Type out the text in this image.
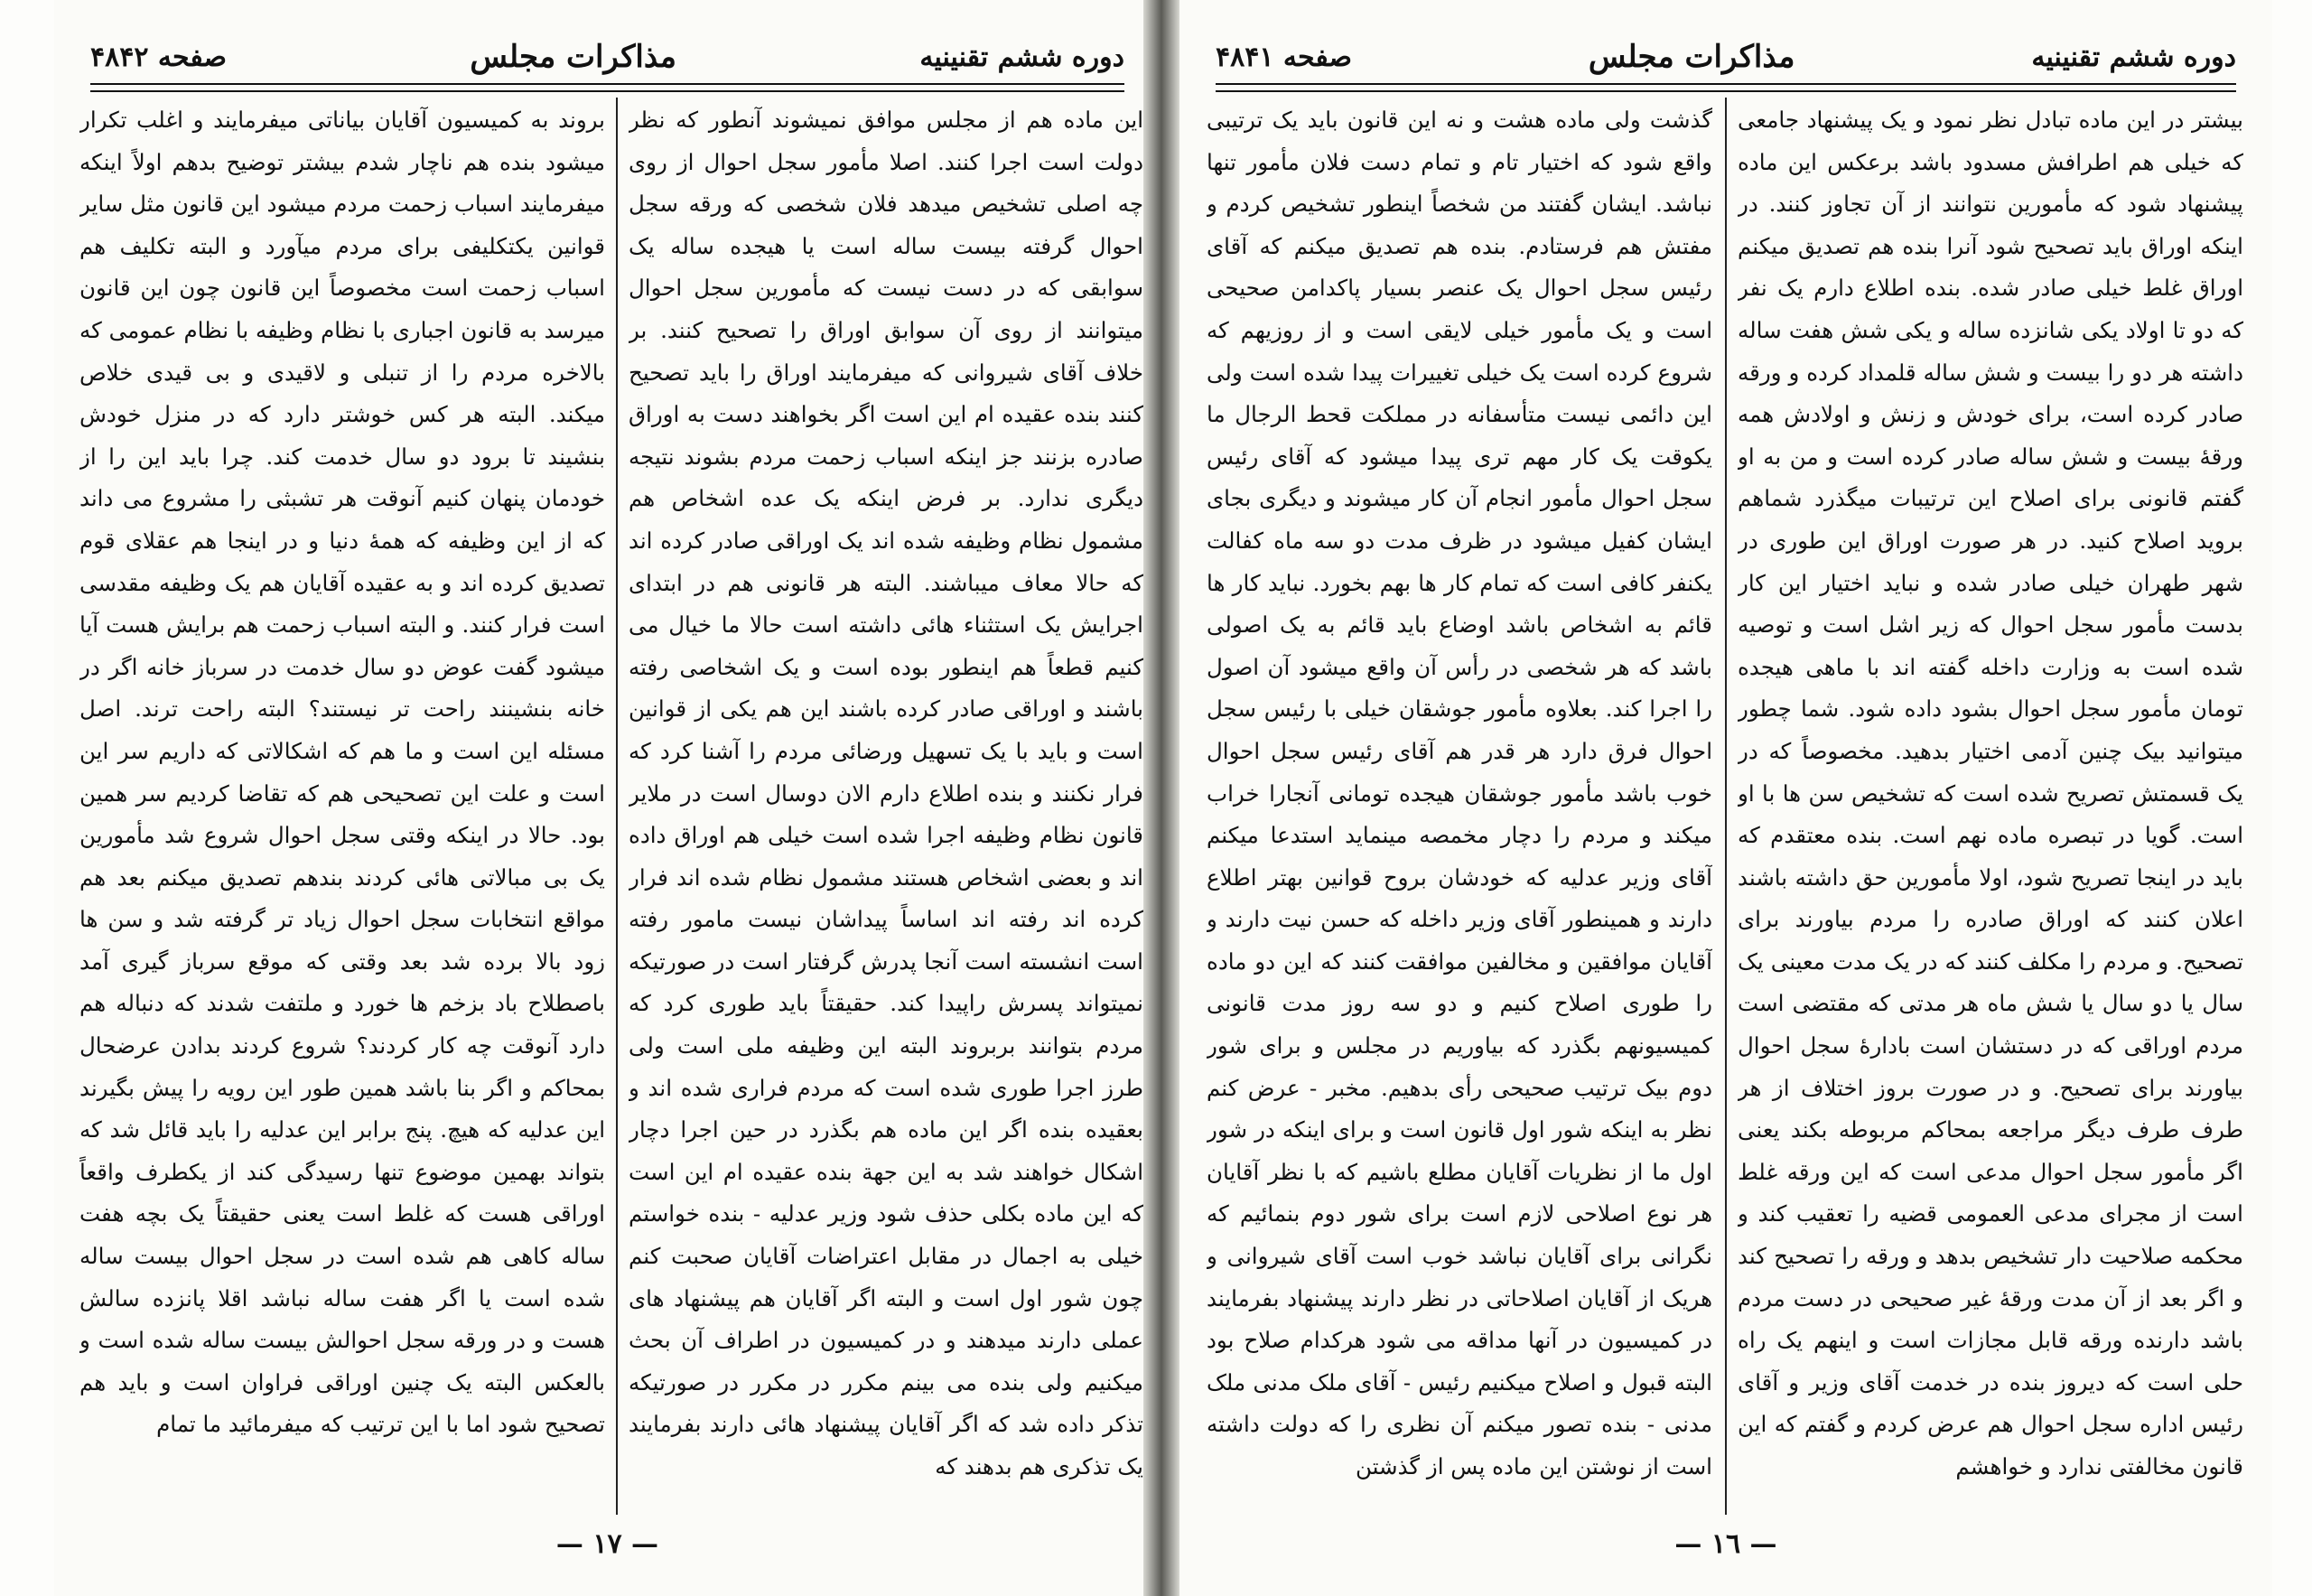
صفحه ۴۸۴۲	مذاکرات مجلس	دوره ششم تقنینیه

بروند به کمیسیون آقایان بیاناتی میفرمایند و اغلب تکرار میشود بنده هم ناچار شدم بیشتر توضیح بدهم اولاً اینکه میفرمایند اسباب زحمت مردم میشود این قانون مثل سایر قوانین یکتکلیفی برای مردم میآورد و البته تکلیف هم اسباب زحمت است مخصوصاً این قانون چون این قانون میرسد به قانون اجباری با نظام وظیفه با نظام عمومی که بالاخره مردم را از تنبلی و لاقیدی و بی قیدی خلاص میکند. البته هر کس خوشتر دارد که در منزل خودش بنشیند تا برود دو سال خدمت کند. چرا باید این را از خودمان پنهان کنیم آنوقت هر تشبثی را مشروع می داند که از این وظیفه که همهٔ دنیا و در اینجا هم عقلای قوم تصدیق کرده اند و به عقیده آقایان هم یک وظیفه مقدسی است فرار کنند. و البته اسباب زحمت هم برایش هست آیا میشود گفت عوض دو سال خدمت در سرباز خانه اگر در خانه بنشینند راحت تر نیستند؟ البته راحت ترند. اصل مسئله این است و ما هم که اشکالاتی که داریم سر این است و علت این تصحیحی هم که تقاضا کردیم سر همین بود. حالا در اینکه وقتی سجل احوال شروع شد مأمورین یک بی مبالاتی هائی کردند بندهم تصدیق میکنم بعد هم مواقع انتخابات سجل احوال زیاد تر گرفته شد و سن ها زود بالا برده شد بعد وقتی که موقع سرباز گیری آمد باصطلاح باد بزخم ها خورد و ملتفت شدند که دنباله هم دارد آنوقت چه کار کردند؟ شروع کردند بدادن عرضحال بمحاکم و اگر بنا باشد همین طور این رویه را پیش بگیرند این عدلیه که هیچ. پنج برابر این عدلیه را باید قائل شد که بتواند بهمین موضوع تنها رسیدگی کند از یکطرف واقعاً اوراقی هست که غلط است یعنی حقیقتاً یک بچه هفت ساله کاهی هم شده است در سجل احوال بیست ساله شده است یا اگر هفت ساله نباشد اقلا پانزده سالش هست و در ورقه سجل احوالش بیست ساله شده است و بالعکس البته یک چنین اوراقی فراوان است و باید هم تصحیح شود اما با این ترتیب که میفرمائید ما تمام

این ماده هم از مجلس موافق نمیشوند آنطور که نظر دولت است اجرا کنند. اصلا مأمور سجل احوال از روی چه اصلی تشخیص میدهد فلان شخصی که ورقه سجل احوال گرفته بیست ساله است یا هیجده ساله یک سوابقی که در دست نیست که مأمورین سجل احوال میتوانند از روی آن سوابق اوراق را تصحیح کنند. بر خلاف آقای شیروانی که میفرمایند اوراق را باید تصحیح کنند بنده عقیده ام این است اگر بخواهند دست به اوراق صادره بزنند جز اینکه اسباب زحمت مردم بشوند نتیجه دیگری ندارد. بر فرض اینکه یک عده اشخاص هم مشمول نظام وظیفه شده اند یک اوراقی صادر کرده اند که حالا معاف میباشند. البته هر قانونی هم در ابتدای اجرایش یک استثناء هائی داشته است حالا ما خیال می کنیم قطعاً هم اینطور بوده است و یک اشخاصی رفته باشند و اوراقی صادر کرده باشند این هم یکی از قوانین است و باید با یک تسهیل ورضائی مردم را آشنا کرد که فرار نکنند و بنده اطلاع دارم الان دوسال است در ملایر قانون نظام وظیفه اجرا شده است خیلی هم اوراق داده اند و بعضی اشخاص هستند مشمول نظام شده اند فرار کرده اند رفته اند اساساً پیداشان نیست مامور رفته است انشسته است آنجا پدرش گرفتار است در صورتیکه نمیتواند پسرش راپیدا کند. حقیقتاً باید طوری کرد که مردم بتوانند بربروند البته این وظیفه ملی است ولی طرز اجرا طوری شده است که مردم فراری شده اند و بعقیده بنده اگر این ماده هم بگذرد در حین اجرا دچار اشکال خواهند شد به این جهة بنده عقیده ام این است که این ماده بکلی حذف شود وزیر عدلیه - بنده خواستم خیلی به اجمال در مقابل اعتراضات آقایان صحبت کنم چون شور اول است و البته اگر آقایان هم پیشنهاد های عملی دارند میدهند و در کمیسیون در اطراف آن بحث میکنیم ولی بنده می بینم مکرر در مکرر در صورتیکه تذکر داده شد که اگر آقایان پیشنهاد هائی دارند بفرمایند یک تذکری هم بدهند که

— ١٧ —
صفحه ۴۸۴۱	مذاکرات مجلس	دوره ششم تقنینیه

گذشت ولی ماده هشت و نه این قانون باید یک ترتیبی واقع شود که اختیار تام و تمام دست فلان مأمور تنها نباشد. ایشان گفتند من شخصاً اینطور تشخیص کردم و مفتش هم فرستادم. بنده هم تصدیق میکنم که آقای رئیس سجل احوال یک عنصر بسیار پاکدامن صحیحی است و یک مأمور خیلی لایقی است و از روزیهم که شروع کرده است یک خیلی تغییرات پیدا شده است ولی این دائمی نیست متأسفانه در مملکت قحط الرجال ما یکوقت یک کار مهم تری پیدا میشود که آقای رئیس سجل احوال مأمور انجام آن کار میشوند و دیگری بجای ایشان کفیل میشود در ظرف مدت دو سه ماه کفالت یکنفر کافی است که تمام کار ها بهم بخورد. نباید کار ها قائم به اشخاص باشد اوضاع باید قائم به یک اصولی باشد که هر شخصی در رأس آن واقع میشود آن اصول را اجرا کند. بعلاوه مأمور جوشقان خیلی با رئیس سجل احوال فرق دارد هر قدر هم آقای رئیس سجل احوال خوب باشد مأمور جوشقان هیجده تومانی آنجارا خراب میکند و مردم را دچار مخمصه مینماید استدعا میکنم آقای وزیر عدلیه که خودشان بروح قوانین بهتر اطلاع دارند و همینطور آقای وزیر داخله که حسن نیت دارند و آقایان موافقین و مخالفین موافقت کنند که این دو ماده را طوری اصلاح کنیم و دو سه روز مدت قانونی کمیسیونهم بگذرد که بیاوریم در مجلس و برای شور دوم بیک ترتیب صحیحی رأی بدهیم. مخبر - عرض کنم نظر به اینکه شور اول قانون است و برای اینکه در شور اول ما از نظریات آقایان مطلع باشیم که با نظر آقایان هر نوع اصلاحی لازم است برای شور دوم بنمائیم که نگرانی برای آقایان نباشد خوب است آقای شیروانی و هریک از آقایان اصلاحاتی در نظر دارند پیشنهاد بفرمایند در کمیسیون در آنها مداقه می شود هرکدام صلاح بود البته قبول و اصلاح میکنیم رئیس - آقای ملک مدنی ملک مدنی - بنده تصور میکنم آن نظری را که دولت داشته است از نوشتن این ماده پس از گذشتن

بیشتر در این ماده تبادل نظر نمود و یک پیشنهاد جامعی که خیلی هم اطرافش مسدود باشد برعکس این ماده پیشنهاد شود که مأمورین نتوانند از آن تجاوز کنند. در اینکه اوراق باید تصحیح شود آنرا بنده هم تصدیق میکنم اوراق غلط خیلی صادر شده. بنده اطلاع دارم یک نفر که دو تا اولاد یکی شانزده ساله و یکی شش هفت ساله داشته هر دو را بیست و شش ساله قلمداد کرده و ورقه صادر کرده است، برای خودش و زنش و اولادش همه ورقهٔ بیست و شش ساله صادر کرده است و من به او گفتم قانونی برای اصلاح این ترتیبات میگذرد شماهم بروید اصلاح کنید. در هر صورت اوراق این طوری در شهر طهران خیلی صادر شده و نباید اختیار این کار بدست مأمور سجل احوال که زیر اشل است و توصیه شده است به وزارت داخله گفته اند با ماهی هیجده تومان مأمور سجل احوال بشود داده شود. شما چطور میتوانید بیک چنین آدمی اختیار بدهید. مخصوصاً که در یک قسمتش تصریح شده است که تشخیص سن ها با او است. گویا در تبصره ماده نهم است. بنده معتقدم که باید در اینجا تصریح شود، اولا مأمورین حق داشته باشند اعلان کنند که اوراق صادره را مردم بیاورند برای تصحیح. و مردم را مکلف کنند که در یک مدت معینی یک سال یا دو سال یا شش ماه هر مدتی که مقتضی است مردم اوراقی که در دستشان است بادارهٔ سجل احوال بیاورند برای تصحیح. و در صورت بروز اختلاف از هر طرف طرف دیگر مراجعه بمحاکم مربوطه بکند یعنی اگر مأمور سجل احوال مدعی است که این ورقه غلط است از مجرای مدعی العمومی قضیه را تعقیب کند و محکمه صلاحیت دار تشخیص بدهد و ورقه را تصحیح کند و اگر بعد از آن مدت ورقهٔ غیر صحیحی در دست مردم باشد دارنده ورقه قابل مجازات است و اینهم یک راه حلی است که دیروز بنده در خدمت آقای وزیر و آقای رئیس اداره سجل احوال هم عرض کردم و گفتم که این قانون مخالفتی ندارد و خواهشم

— ١٦ —
